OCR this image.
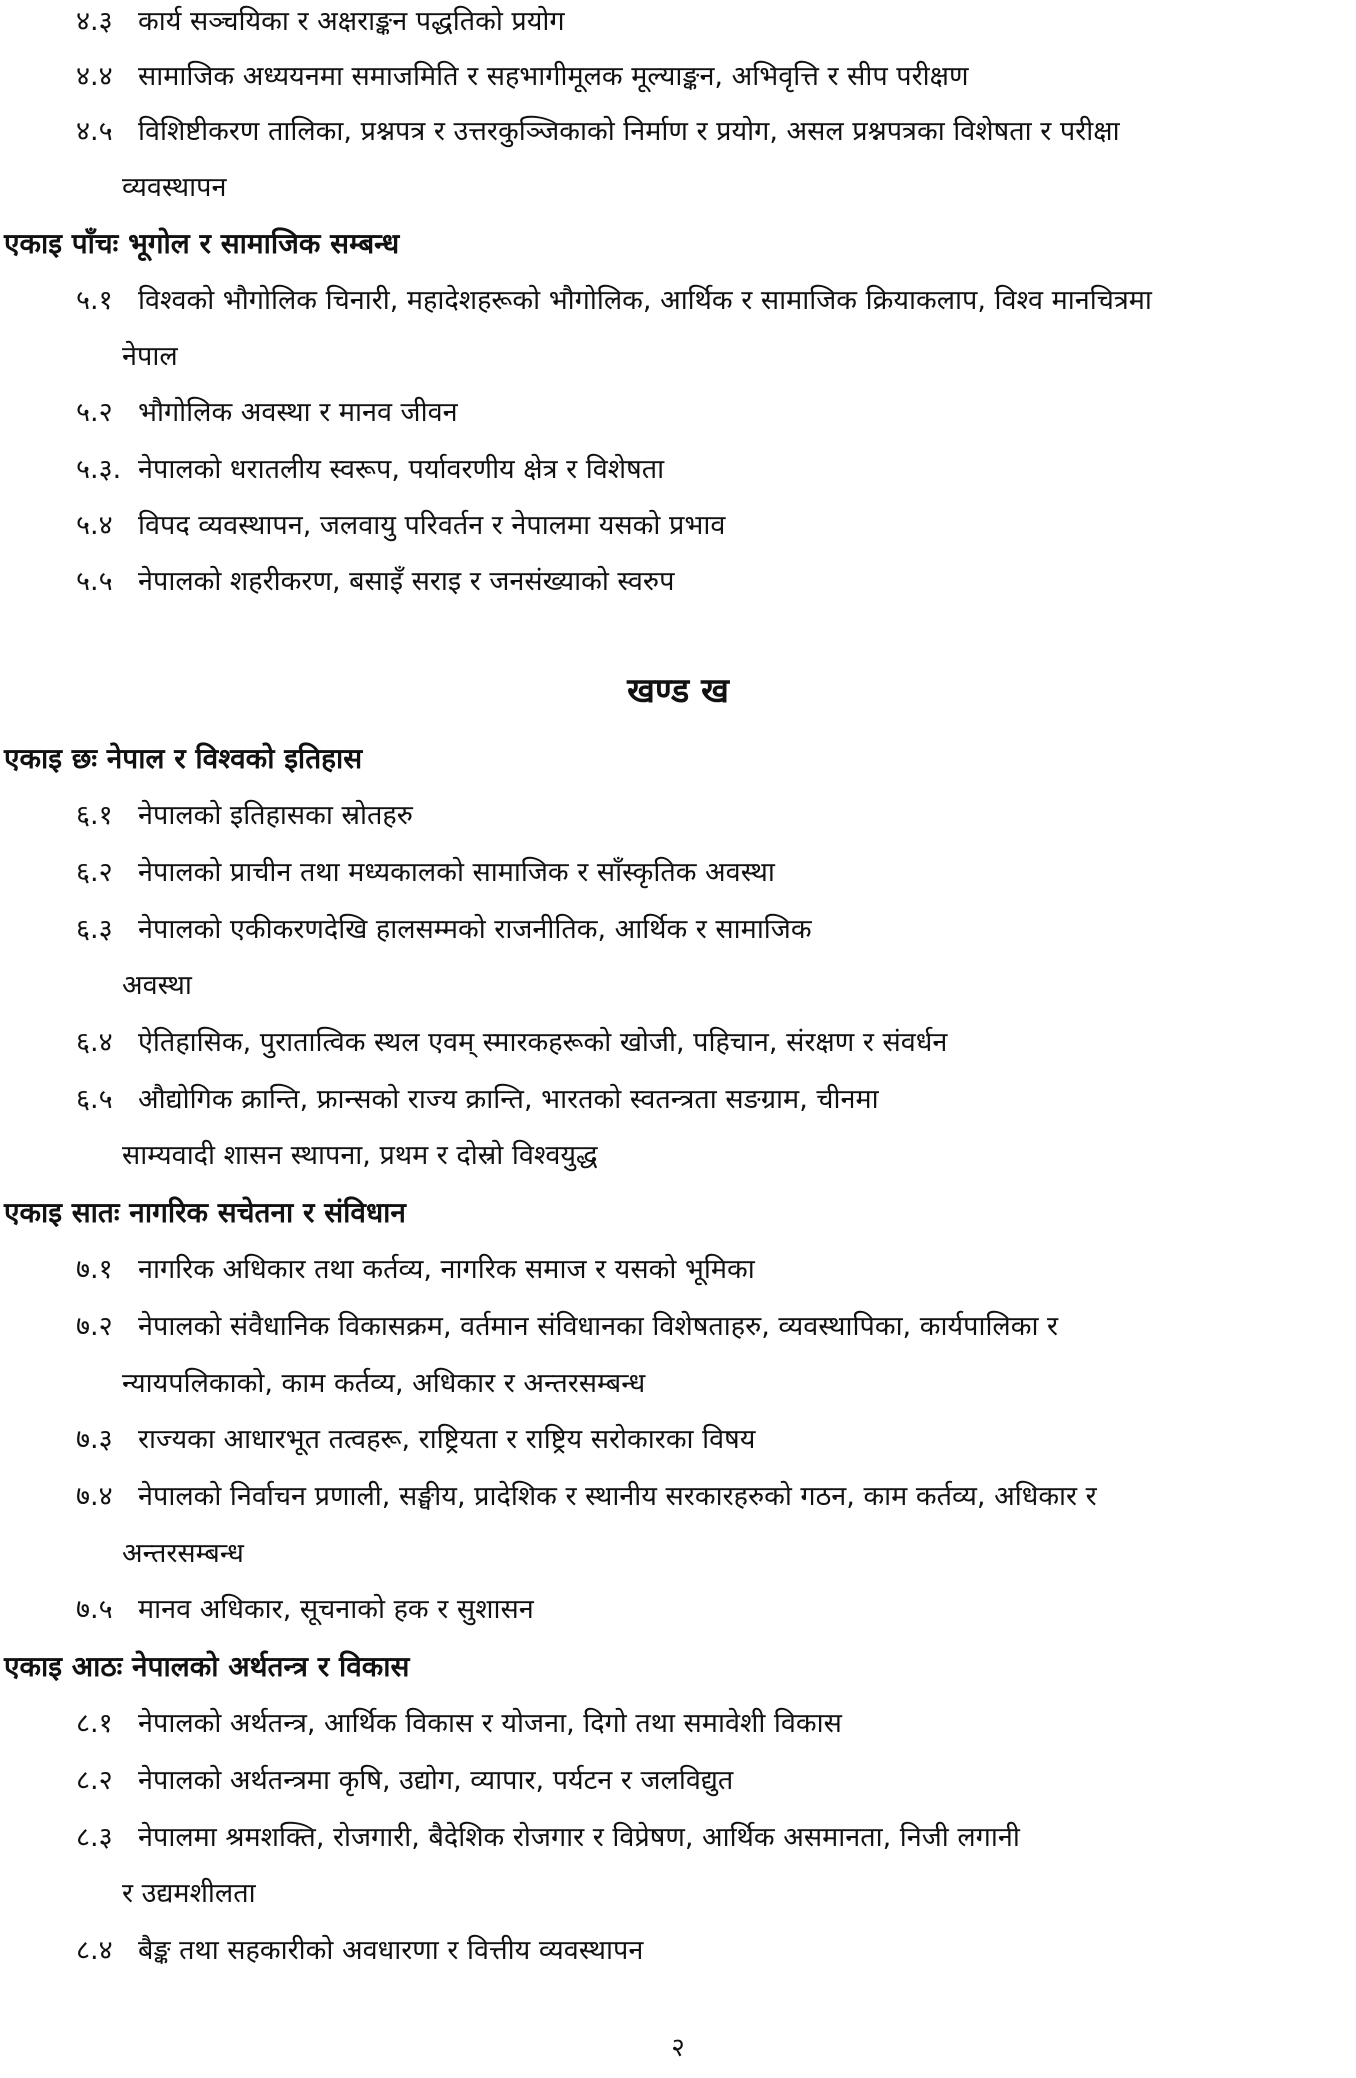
४.३ कार्य सञ्चयिका र अक्षराङ्कन पद्धतिको प्रयोग
४.४ सामाजिक अध्ययनमा समाजमिति र सहभागीमूलक मूल्याङ्कन, अभिवृत्ति र सीप परीक्षण
४.५ विशिष्टीकरण तालिका, प्रश्नपत्र र उत्तरकुञ्जिकाको निर्माण र प्रयोग, असल प्रश्नपत्रका विशेषता र परीक्षा
व्यवस्थापन
एकाइ पाँचः भूगोल र सामाजिक सम्बन्ध
५.१ विश्वको भौगोलिक चिनारी, महादेशहरूको भौगोलिक, आर्थिक र सामाजिक क्रियाकलाप, विश्व मानचित्रमा
नेपाल
५.२ भौगोलिक अवस्था र मानव जीवन
५.३. नेपालको धरातलीय स्वरूप, पर्यावरणीय क्षेत्र र विशेषता
५.४ विपद व्यवस्थापन, जलवायु परिवर्तन र नेपालमा यसको प्रभाव
५.५ नेपालको शहरीकरण, बसाइँ सराइ र जनसंख्याको स्वरुप
खण्ड ख
एकाइ छः नेपाल र विश्वको इतिहास
६.१ नेपालको इतिहासका स्रोतहरु
६.२ नेपालको प्राचीन तथा मध्यकालको सामाजिक र साँस्कृतिक अवस्था
६.३ नेपालको एकीकरणदेखि हालसम्मको राजनीतिक, आर्थिक र सामाजिक
अवस्था
६.४ ऐतिहासिक, पुरातात्विक स्थल एवम् स्मारकहरूको खोजी, पहिचान, संरक्षण र संवर्धन
६.५ औद्योगिक क्रान्ति, फ्रान्सको राज्य क्रान्ति, भारतको स्वतन्त्रता सङग्राम, चीनमा
साम्यवादी शासन स्थापना, प्रथम र दोस्रो विश्वयुद्ध
एकाइ सातः नागरिक सचेतना र संविधान
७.१ नागरिक अधिकार तथा कर्तव्य, नागरिक समाज र यसको भूमिका
७.२ नेपालको संवैधानिक विकासक्रम, वर्तमान संविधानका विशेषताहरु, व्यवस्थापिका, कार्यपालिका र
न्यायपलिकाको, काम कर्तव्य, अधिकार र अन्तरसम्बन्ध
७.३ राज्यका आधारभूत तत्वहरू, राष्ट्रियता र राष्ट्रिय सरोकारका विषय
७.४ नेपालको निर्वाचन प्रणाली, सङ्घीय, प्रादेशिक र स्थानीय सरकारहरुको गठन, काम कर्तव्य, अधिकार र
अन्तरसम्बन्ध
७.५ मानव अधिकार, सूचनाको हक र सुशासन
एकाइ आठः नेपालको अर्थतन्त्र र विकास
८.१ नेपालको अर्थतन्त्र, आर्थिक विकास र योजना, दिगो तथा समावेशी विकास
८.२ नेपालको अर्थतन्त्रमा कृषि, उद्योग, व्यापार, पर्यटन र जलविद्युत
८.३ नेपालमा श्रमशक्ति, रोजगारी, बैदेशिक रोजगार र विप्रेषण, आर्थिक असमानता, निजी लगानी
र उद्यमशीलता
८.४ बैङ्क तथा सहकारीको अवधारणा र वित्तीय व्यवस्थापन
२
